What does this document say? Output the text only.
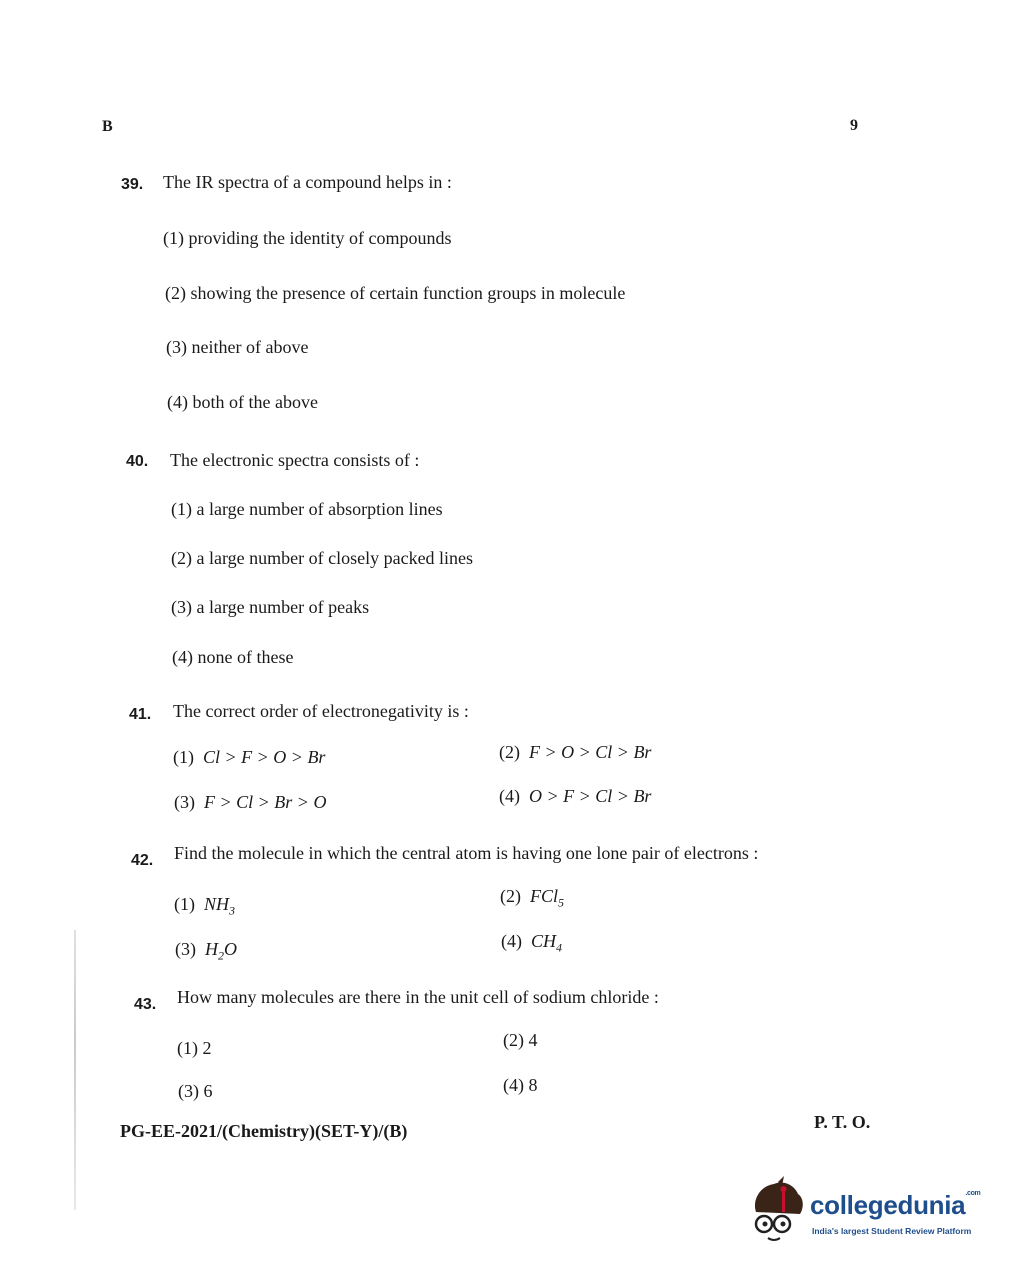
B	9
39. The IR spectra of a compound helps in :
(1) providing the identity of compounds
(2) showing the presence of certain function groups in molecule
(3) neither of above
(4) both of the above
40. The electronic spectra consists of :
(1) a large number of absorption lines
(2) a large number of closely packed lines
(3) a large number of peaks
(4) none of these
41. The correct order of electronegativity is :
(1) Cl > F > O > Br	(2) F > O > Cl > Br
(3) F > Cl > Br > O	(4) O > F > Cl > Br
42. Find the molecule in which the central atom is having one lone pair of electrons :
(1) $NH_3$
(2) FCl$_5$
(3) $H_2O$	(4) $CH_4$
43. How many molecules are there in the unit cell of sodium chloride :
(1) 2	(2) 4
(3) 6	(4) 8
PG-EE-2021/(Chemistry)(SET-Y)/(B)	P. T. O.
collegedunia$^{.com}$
India's largest Student Review Platform
